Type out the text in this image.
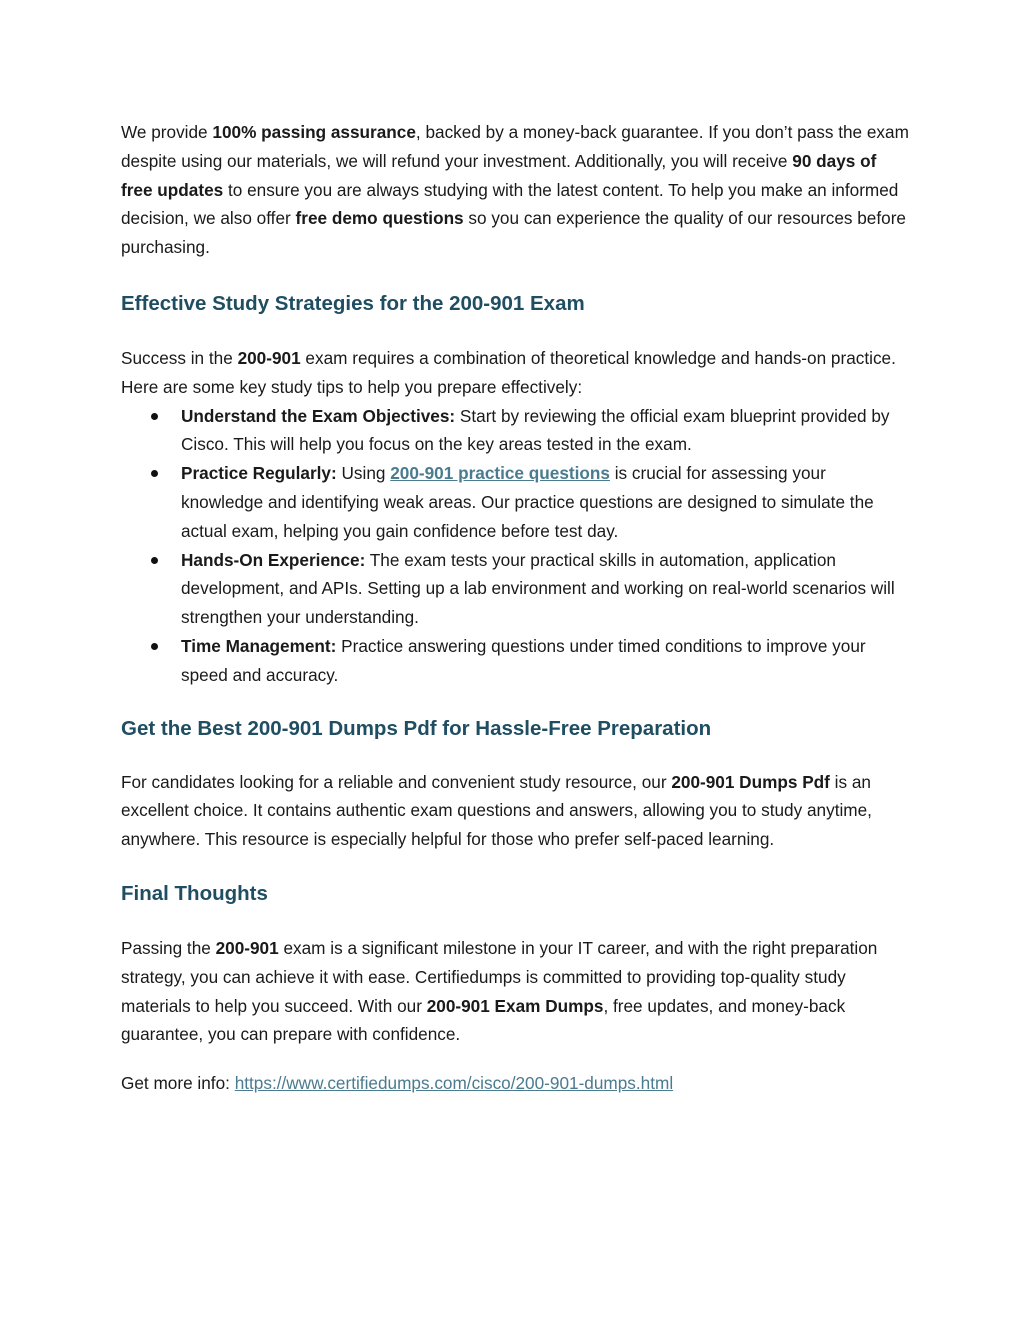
We provide 100% passing assurance, backed by a money-back guarantee. If you don’t pass the exam despite using our materials, we will refund your investment. Additionally, you will receive 90 days of free updates to ensure you are always studying with the latest content. To help you make an informed decision, we also offer free demo questions so you can experience the quality of our resources before purchasing.

Effective Study Strategies for the 200-901 Exam

Success in the 200-901 exam requires a combination of theoretical knowledge and hands-on practice. Here are some key study tips to help you prepare effectively:

Understand the Exam Objectives: Start by reviewing the official exam blueprint provided by Cisco. This will help you focus on the key areas tested in the exam.
Practice Regularly: Using 200-901 practice questions is crucial for assessing your knowledge and identifying weak areas. Our practice questions are designed to simulate the actual exam, helping you gain confidence before test day.
Hands-On Experience: The exam tests your practical skills in automation, application development, and APIs. Setting up a lab environment and working on real-world scenarios will strengthen your understanding.
Time Management: Practice answering questions under timed conditions to improve your speed and accuracy.
Get the Best 200-901 Dumps Pdf for Hassle-Free Preparation

For candidates looking for a reliable and convenient study resource, our 200-901 Dumps Pdf is an excellent choice. It contains authentic exam questions and answers, allowing you to study anytime, anywhere. This resource is especially helpful for those who prefer self-paced learning.

Final Thoughts

Passing the 200-901 exam is a significant milestone in your IT career, and with the right preparation strategy, you can achieve it with ease. Certifiedumps is committed to providing top-quality study materials to help you succeed. With our 200-901 Exam Dumps, free updates, and money-back guarantee, you can prepare with confidence.

Get more info: https://www.certifiedumps.com/cisco/200-901-dumps.html
